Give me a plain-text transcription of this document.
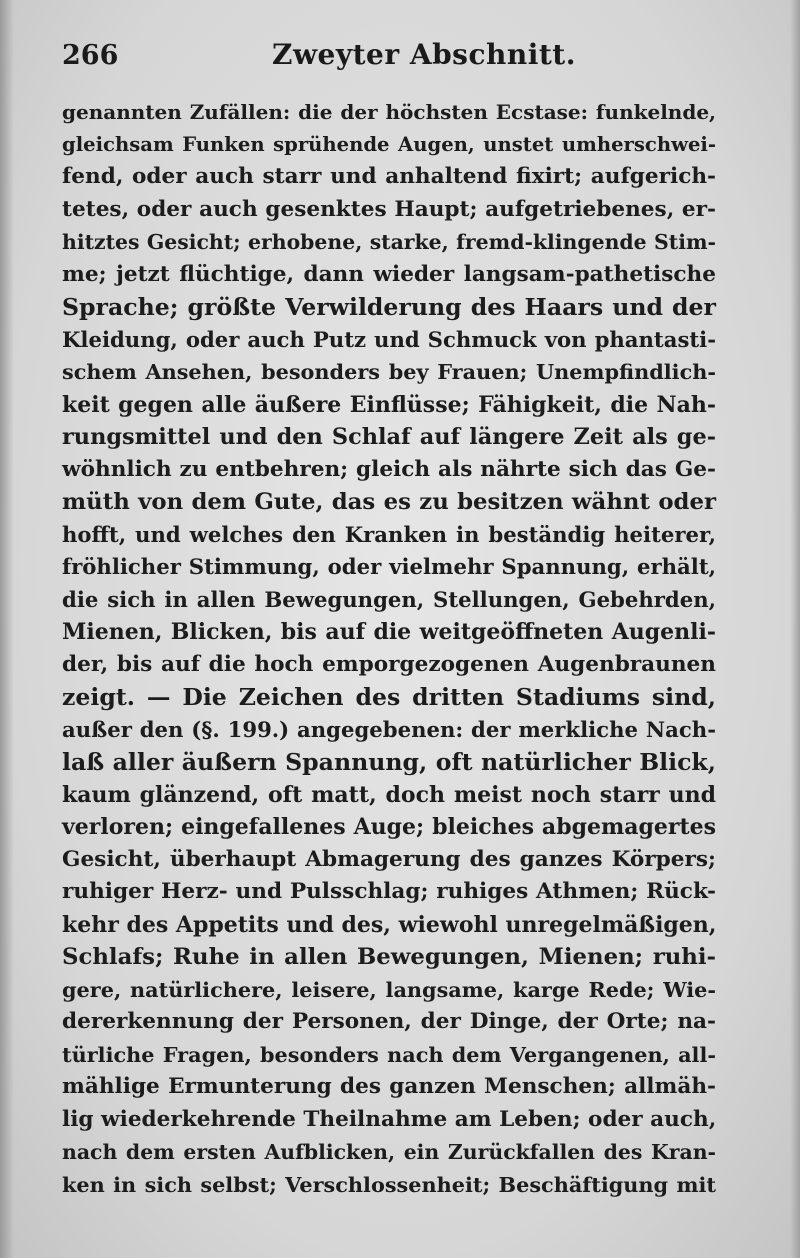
266	Zweyter Abschnitt.
genannten Zufällen: die der höchsten Ecstase: funkelnde,
gleichsam Funken sprühende Augen, unstet umherschwei-
fend, oder auch starr und anhaltend fixirt; aufgerich-
tetes, oder auch gesenktes Haupt; aufgetriebenes, er-
hitztes Gesicht; erhobene, starke, fremd-klingende Stim-
me; jetzt flüchtige, dann wieder langsam-pathetische
Sprache; größte Verwilderung des Haars und der
Kleidung, oder auch Putz und Schmuck von phantasti-
schem Ansehen, besonders bey Frauen; Unempfindlich-
keit gegen alle äußere Einflüsse; Fähigkeit, die Nah-
rungsmittel und den Schlaf auf längere Zeit als ge-
wöhnlich zu entbehren; gleich als nährte sich das Ge-
müth von dem Gute, das es zu besitzen wähnt oder
hofft, und welches den Kranken in beständig heiterer,
fröhlicher Stimmung, oder vielmehr Spannung, erhält,
die sich in allen Bewegungen, Stellungen, Gebehrden,
Mienen, Blicken, bis auf die weitgeöffneten Augenli-
der, bis auf die hoch emporgezogenen Augenbraunen
zeigt. — Die Zeichen des dritten Stadiums sind,
außer den (§. 199.) angegebenen: der merkliche Nach-
laß aller äußern Spannung, oft natürlicher Blick,
kaum glänzend, oft matt, doch meist noch starr und
verloren; eingefallenes Auge; bleiches abgemagertes
Gesicht, überhaupt Abmagerung des ganzes Körpers;
ruhiger Herz- und Pulsschlag; ruhiges Athmen; Rück-
kehr des Appetits und des, wiewohl unregelmäßigen,
Schlafs; Ruhe in allen Bewegungen, Mienen; ruhi-
gere, natürlichere, leisere, langsame, karge Rede; Wie-
dererkennung der Personen, der Dinge, der Orte; na-
türliche Fragen, besonders nach dem Vergangenen, all-
mählige Ermunterung des ganzen Menschen; allmäh-
lig wiederkehrende Theilnahme am Leben; oder auch,
nach dem ersten Aufblicken, ein Zurückfallen des Kran-
ken in sich selbst; Verschlossenheit; Beschäftigung mit
